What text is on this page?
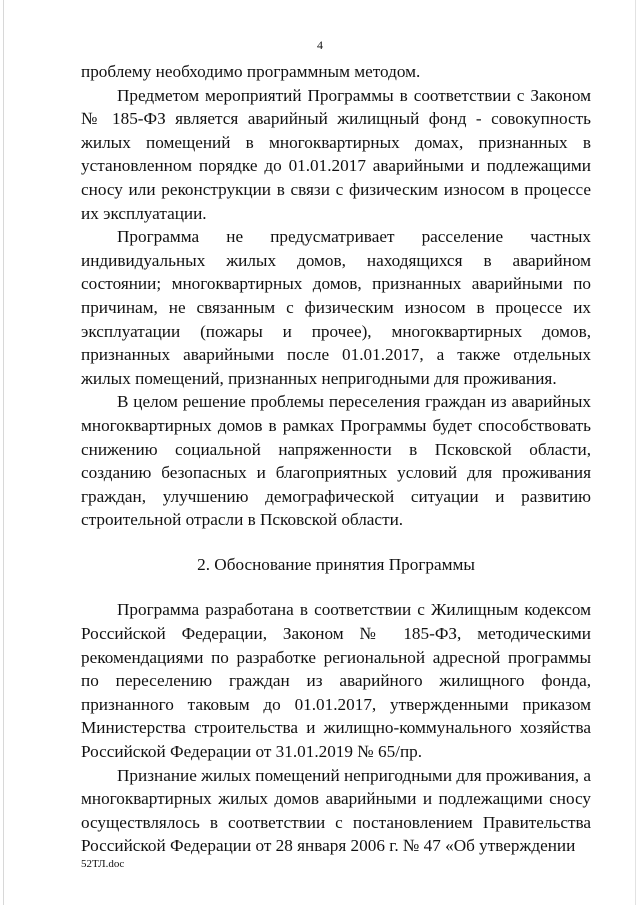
4

проблему необходимо программным методом.

Предметом мероприятий Программы в соответствии с Законом № 185-ФЗ является аварийный жилищный фонд - совокупность жилых помещений в многоквартирных домах, признанных в установленном порядке до 01.01.2017 аварийными и подлежащими сносу или реконструкции в связи с физическим износом в процессе их эксплуатации.

Программа не предусматривает расселение частных индивидуальных жилых домов, находящихся в аварийном состоянии; многоквартирных домов, признанных аварийными по причинам, не связанным с физическим износом в процессе их эксплуатации (пожары и прочее), многоквартирных домов, признанных аварийными после 01.01.2017, а также отдельных жилых помещений, признанных непригодными для проживания.

В целом решение проблемы переселения граждан из аварийных многоквартирных домов в рамках Программы будет способствовать снижению социальной напряженности в Псковской области, созданию безопасных и благоприятных условий для проживания граждан, улучшению демографической ситуации и развитию строительной отрасли в Псковской области.

2. Обоснование принятия Программы

Программа разработана в соответствии с Жилищным кодексом Российской Федерации, Законом № 185-ФЗ, методическими рекомендациями по разработке региональной адресной программы по переселению граждан из аварийного жилищного фонда, признанного таковым до 01.01.2017, утвержденными приказом Министерства строительства и жилищно-коммунального хозяйства Российской Федерации от 31.01.2019 № 65/пр.

Признание жилых помещений непригодными для проживания, а многоквартирных жилых домов аварийными и подлежащими сносу осуществлялось в соответствии с постановлением Правительства Российской Федерации от 28 января 2006 г. № 47 «Об утверждении

52ТЛ.doc
